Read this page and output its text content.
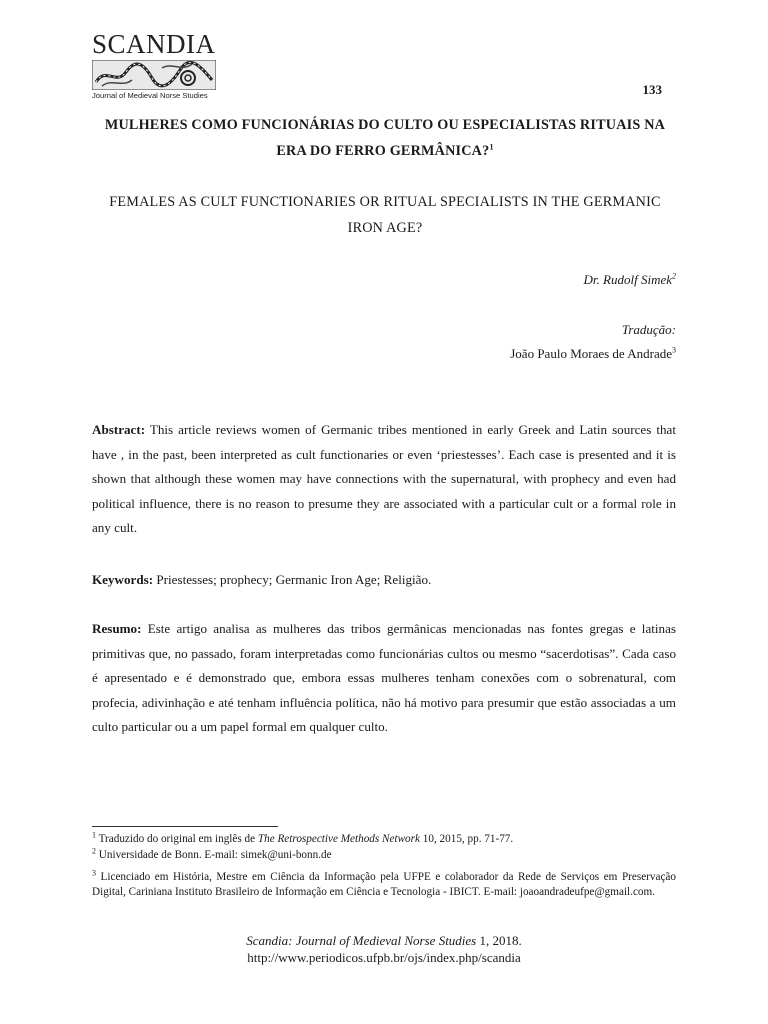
SCANDIA
Journal of Medieval Norse Studies	133
MULHERES COMO FUNCIONÁRIAS DO CULTO OU ESPECIALISTAS RITUAIS NA ERA DO FERRO GERMÂNICA?$^1$
FEMALES AS CULT FUNCTIONARIES OR RITUAL SPECIALISTS IN THE GERMANIC IRON AGE?
Dr. Rudolf Simek$^2$
Tradução:
João Paulo Moraes de Andrade$^3$
Abstract: This article reviews women of Germanic tribes mentioned in early Greek and Latin sources that have , in the past, been interpreted as cult functionaries or even ‘priestesses’. Each case is presented and it is shown that although these women may have connections with the supernatural, with prophecy and even had political influence, there is no reason to presume they are associated with a particular cult or a formal role in any cult.
Keywords: Priestesses; prophecy; Germanic Iron Age; Religião.
Resumo: Este artigo analisa as mulheres das tribos germânicas mencionadas nas fontes gregas e latinas primitivas que, no passado, foram interpretadas como funcionárias cultos ou mesmo “sacerdotisas”. Cada caso é apresentado e é demonstrado que, embora essas mulheres tenham conexões com o sobrenatural, com profecia, adivinhação e até tenham influência política, não há motivo para presumir que estão associadas a um culto particular ou a um papel formal em qualquer culto.
$^1$ Traduzido do original em inglês de The Retrospective Methods Network 10, 2015, pp. 71-77.
$^2$ Universidade de Bonn. E-mail: simek@uni-bonn.de
$^3$ Licenciado em História, Mestre em Ciência da Informação pela UFPE e colaborador da Rede de Serviços em Preservação Digital, Cariniana Instituto Brasileiro de Informação em Ciência e Tecnologia - IBICT. E-mail: joaoandradeufpe@gmail.com.
Scandia: Journal of Medieval Norse Studies 1, 2018.
http://www.periodicos.ufpb.br/ojs/index.php/scandia
